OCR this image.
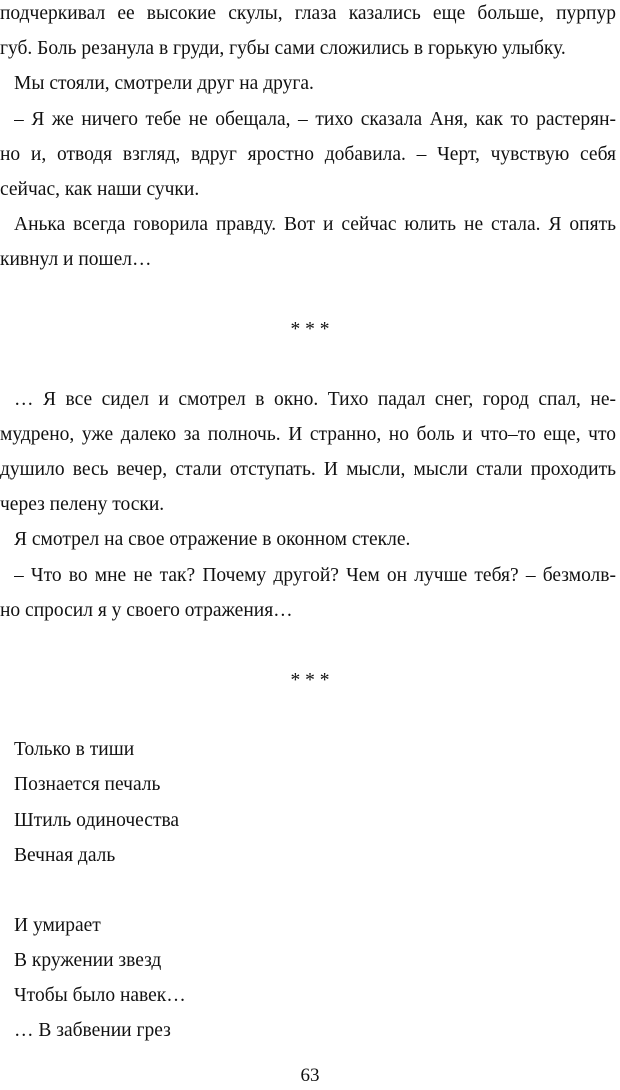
подчеркивал ее высокие скулы, глаза казались еще больше, пурпур
губ. Боль резанула в груди, губы сами сложились в горькую улыбку.
Мы стояли, смотрели друг на друга.
– Я же ничего тебе не обещала, – тихо сказала Аня, как то растерян-
но и, отводя взгляд, вдруг яростно добавила. – Черт, чувствую себя
сейчас, как наши сучки.
Анька всегда говорила правду. Вот и сейчас юлить не стала. Я опять
кивнул и пошел…
* * *
… Я все сидел и смотрел в окно. Тихо падал снег, город спал, не-
мудрено, уже далеко за полночь. И странно, но боль и что–то еще, что
душило весь вечер, стали отступать. И мысли, мысли стали проходить
через пелену тоски.
Я смотрел на свое отражение в оконном стекле.
– Что во мне не так? Почему другой? Чем он лучше тебя? – безмолв-
но спросил я у своего отражения…
* * *
Только в тиши
Познается печаль
Штиль одиночества
Вечная даль
И умирает
В кружении звезд
Чтобы было навек…
… В забвении грез
63
